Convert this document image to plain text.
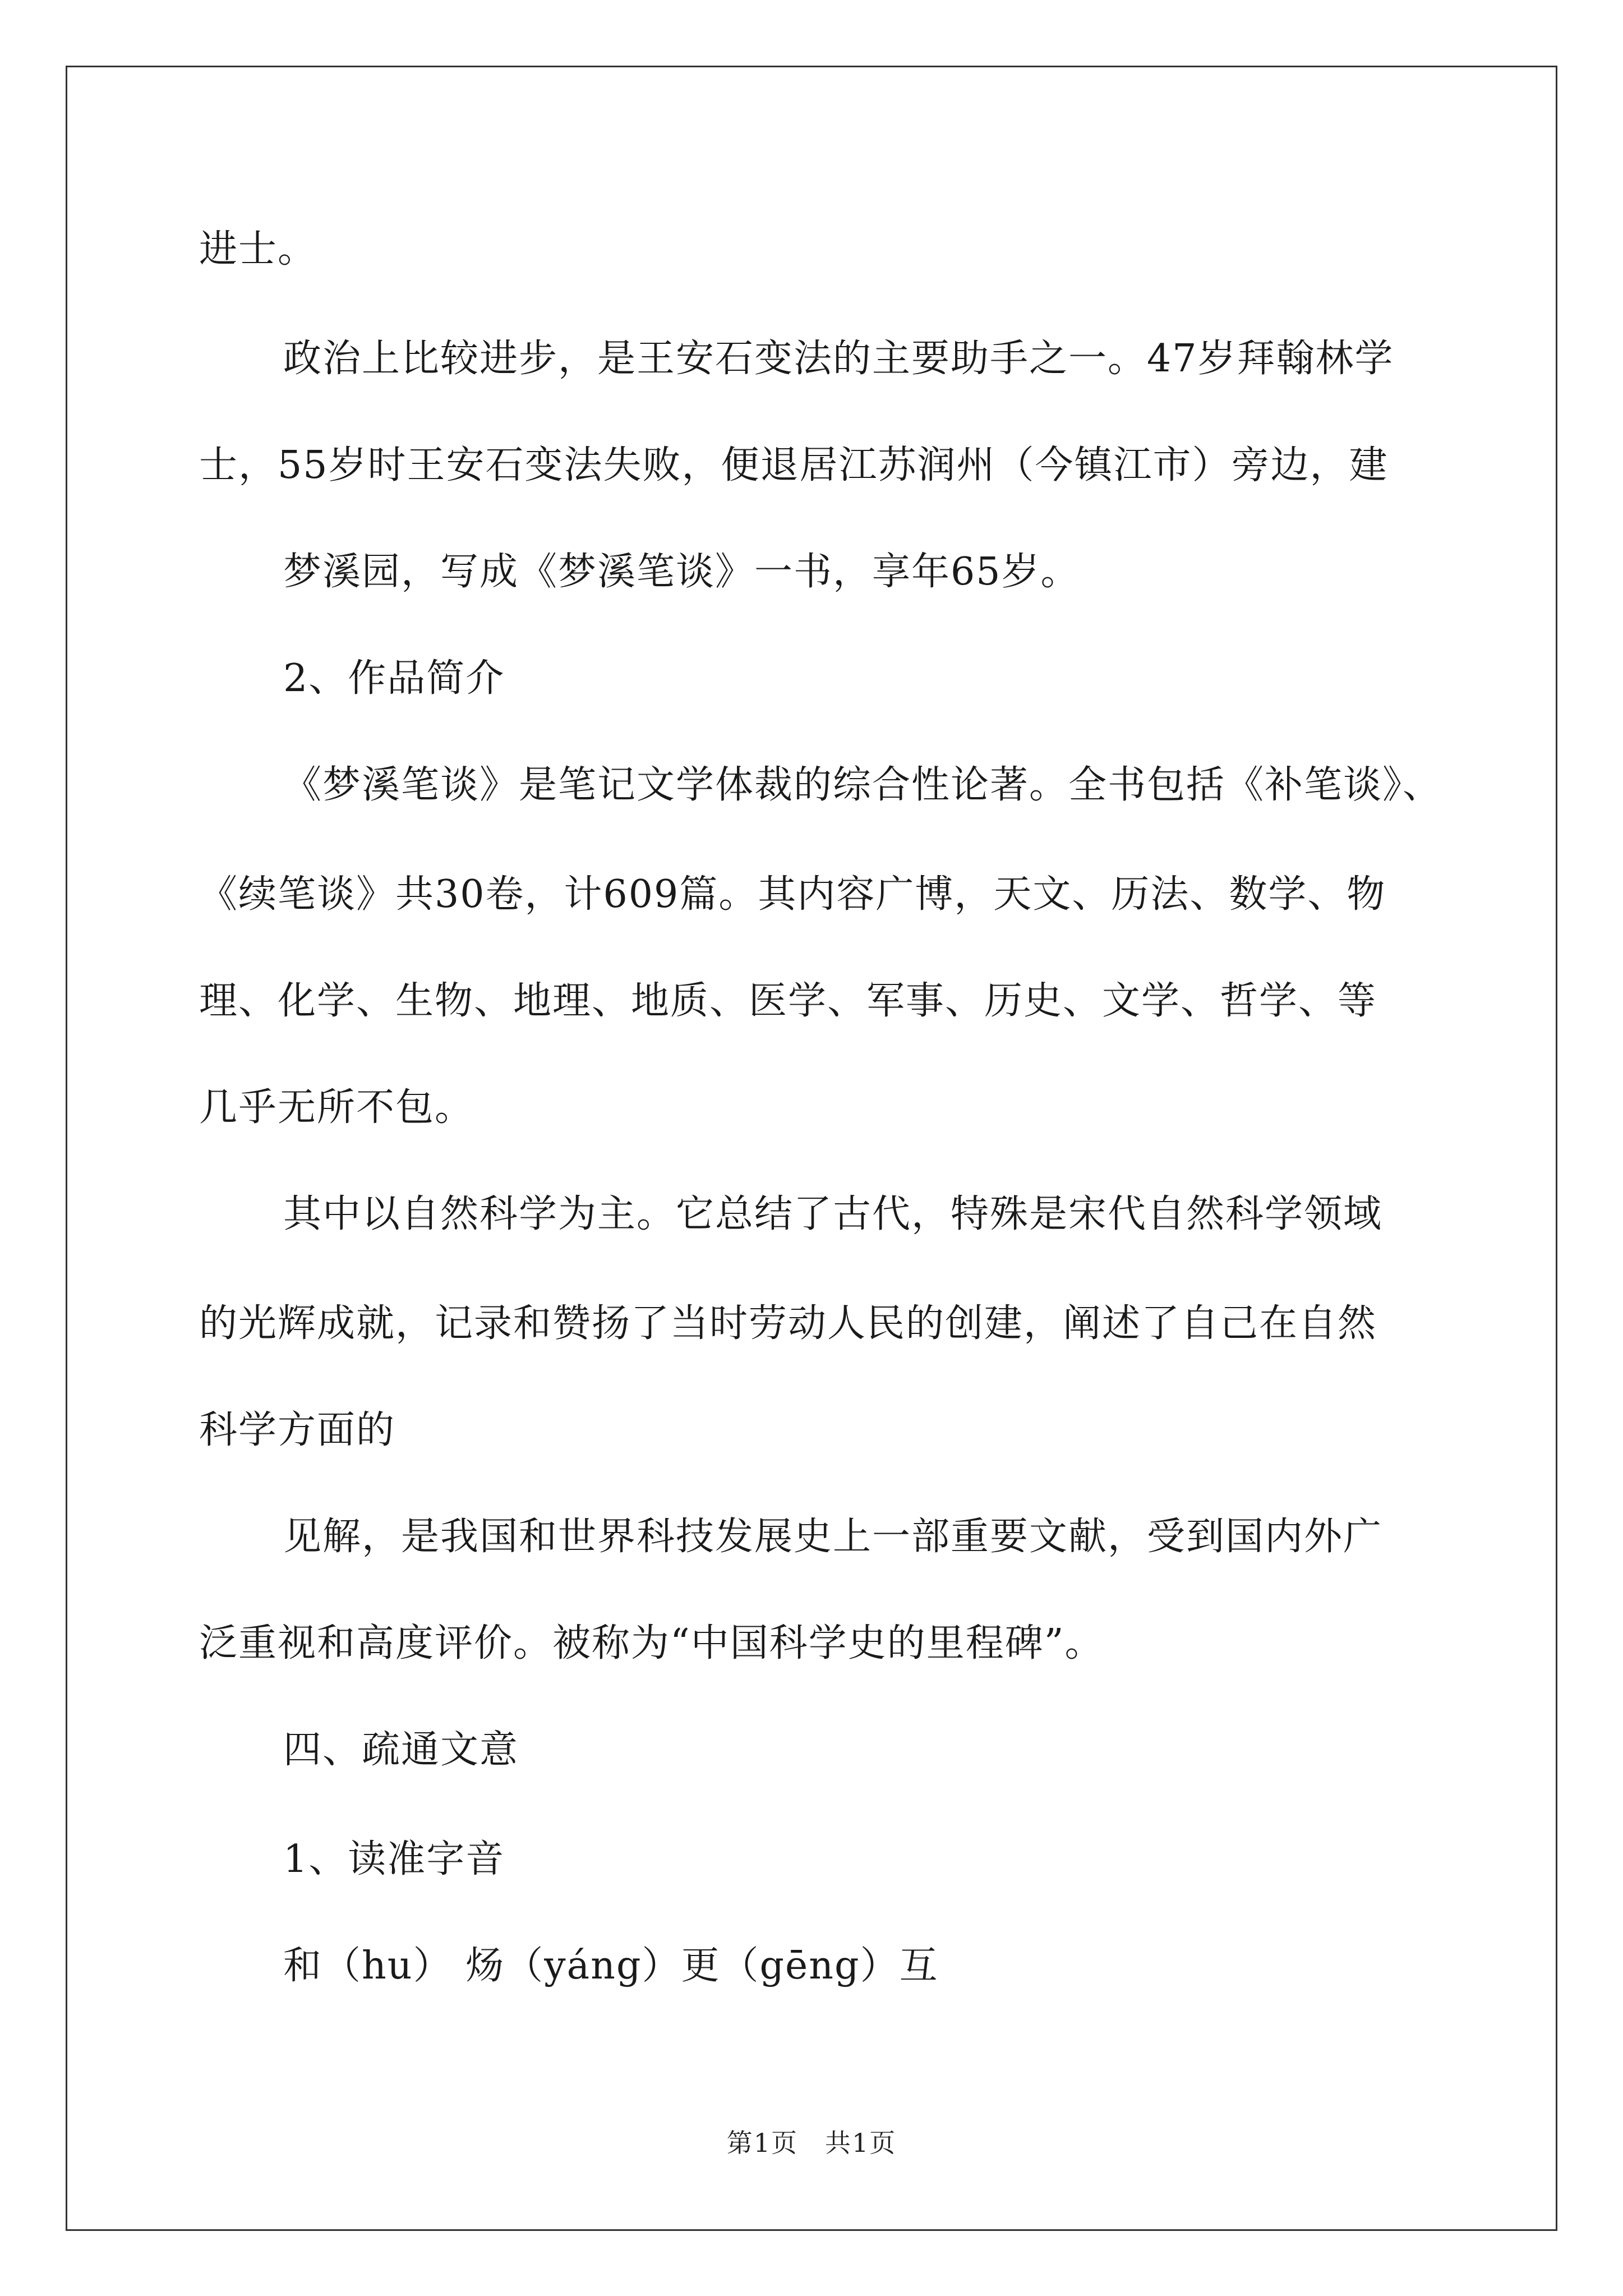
进士。
政治上比较进步，是王安石变法的主要助手之一。47岁拜翰林学
士，55岁时王安石变法失败，便退居江苏润州（今镇江市）旁边，建
梦溪园，写成《梦溪笔谈》一书，享年65岁。
2、作品简介
《梦溪笔谈》是笔记文学体裁的综合性论著。全书包括《补笔谈》、
《续笔谈》共30卷，计609篇。其内容广博，天文、历法、数学、物
理、化学、生物、地理、地质、医学、军事、历史、文学、哲学、等
几乎无所不包。
其中以自然科学为主。它总结了古代，特殊是宋代自然科学领域
的光辉成就，记录和赞扬了当时劳动人民的创建，阐述了自己在自然
科学方面的
见解，是我国和世界科技发展史上一部重要文献，受到国内外广
泛重视和高度评价。被称为“中国科学史的里程碑”。
四、疏通文意
1、读准字音
和（hu） 炀（yáng）更（gēng）互
第1页　共1页
